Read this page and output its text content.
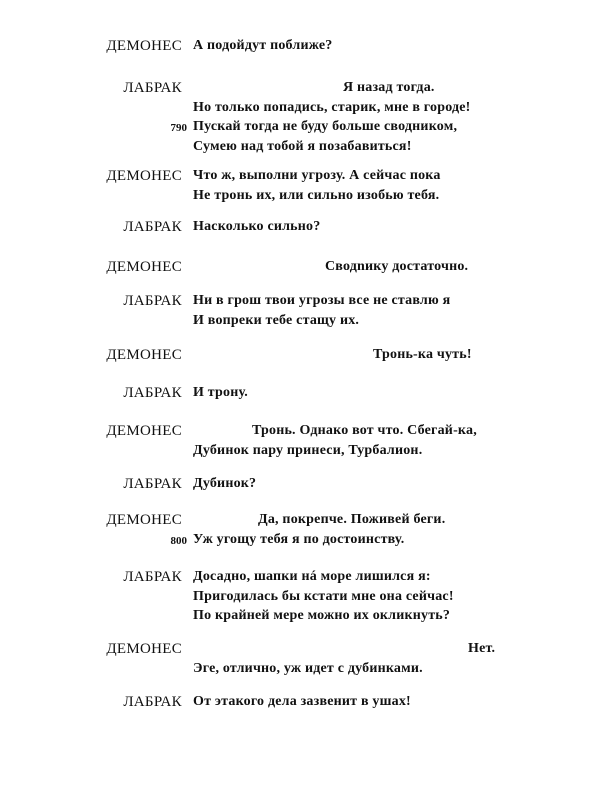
ДЕМОНЕС А подойдут поближе?
ЛАБРАК	Я назад тогда.
Но только попадись, старик, мне в городе!
Пускай тогда не буду больше сводником,
790
Сумею над тобой я позабавиться!
ДЕМОНЕС Что ж, выполни угрозу. А сейчас пока
Не тронь их, или сильно изобью тебя.
ЛАБРАК Насколько сильно?
ДЕМОНЕС	Сводnику достаточно.
ЛАБРАК Ни в грош твои угрозы все не ставлю я
И вопреки тебе стащу их.
ДЕМОНЕС	Тронь-ка чуть!
ЛАБРАК И трону.
ДЕМОНЕС	Тронь. Однако вот что. Сбегай-ка,
Дубинок пару принеси, Турбалион.
ЛАБРАК Дубинок?
ДЕМОНЕС	Да, покрепче. Поживей беги.
Уж угощу тебя я по достоинству.
800
ЛАБРАК Досадно, шапки нá море лишился я:
Пригодилась бы кстати мне она сейчас!
По крайней мере можно их окликнуть?
ДЕМОНЕС	Нет.
Эге, отлично, уж идет с дубинками.
ЛАБРАК От этакого дела зазвенит в ушах!
